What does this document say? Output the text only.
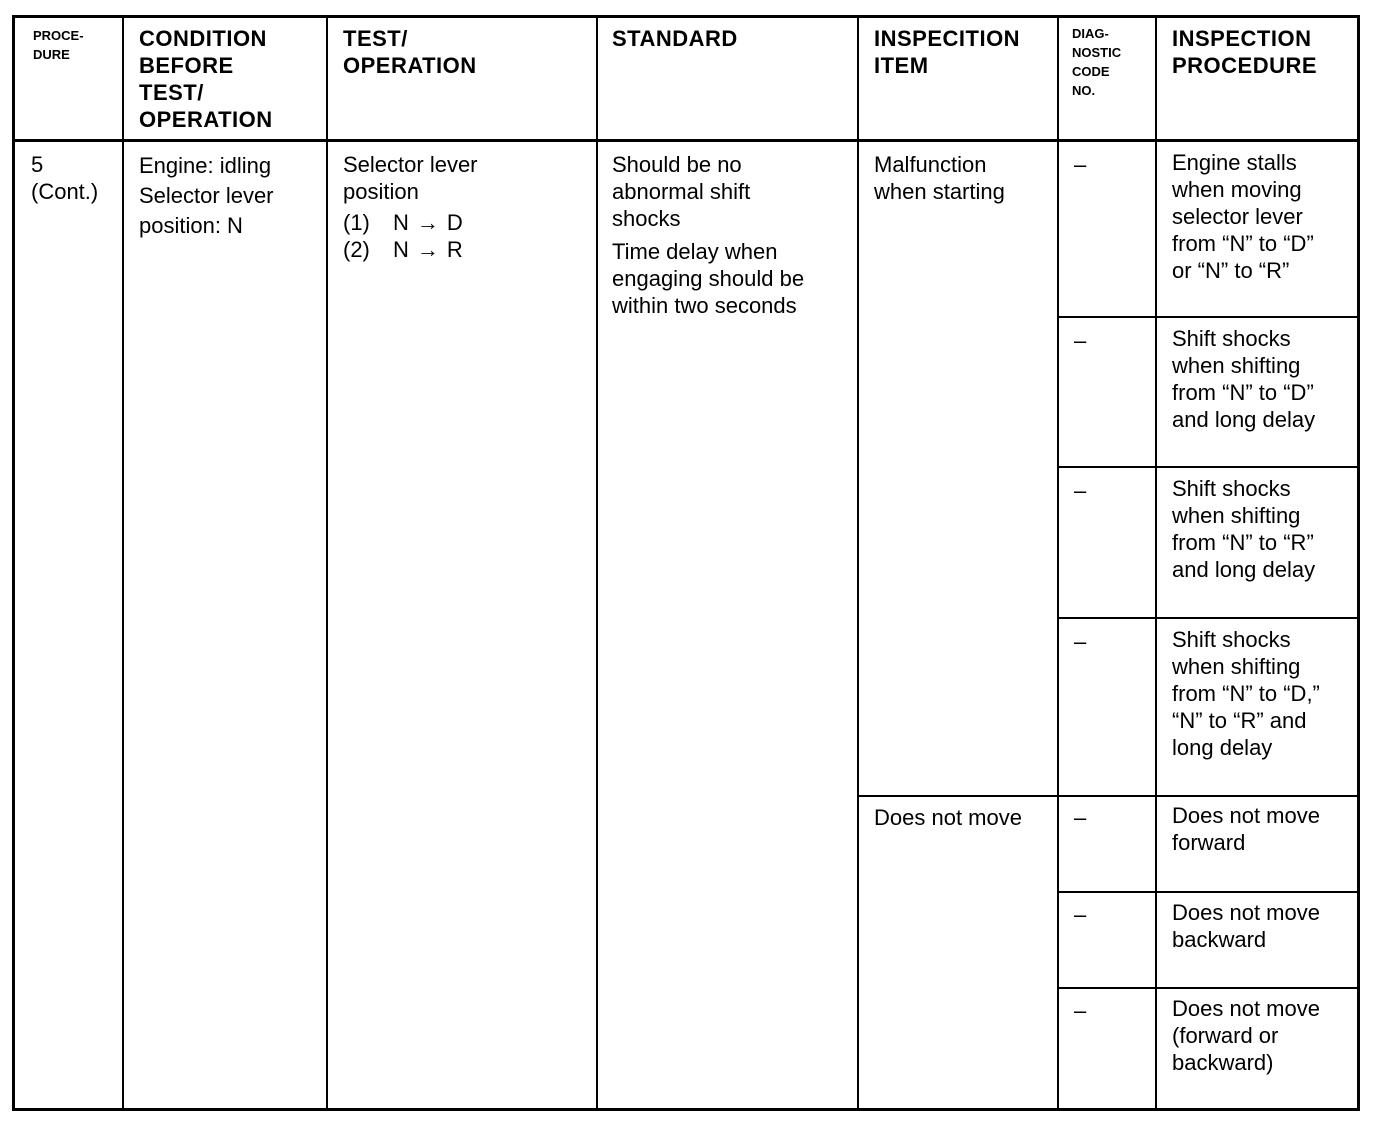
PROCE-
DURE
CONDITION
BEFORE
TEST/
OPERATION
TEST/
OPERATION
STANDARD	INSPECITION
ITEM
DIAG-
NOSTIC
CODE
NO.
INSPECTION
PROCEDURE
5
(Cont.)
Engine: idling
Selector lever
position: N
Selector lever
position
(1) N → D
(2) N → R
Should be no
abnormal shift
shocks
Time delay when
engaging should be
within two seconds
Malfunction
when starting
Does not move
–
–
–
–
–
–
–
Engine stalls
when moving
selector lever
from “N” to “D”
or “N” to “R”
Shift shocks
when shifting
from “N” to “D”
and long delay
Shift shocks
when shifting
from “N” to “R”
and long delay
Shift shocks
when shifting
from “N” to “D,”
“N” to “R” and
long delay
Does not move
forward
Does not move
backward
Does not move
(forward or
backward)
